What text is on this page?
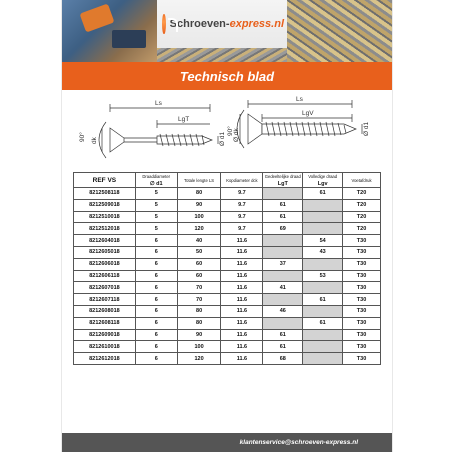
Schroeven-express.nl
Technisch blad
Ls
LgT
90° dk	Ø d1
Ls
LgV
90° Ø dk	Ø d1
REF VS	Draaddiameter
∅ d1	Totale lengte LS	Kopdiameter dck	Gedeeltelijke draad
LgT	Volledige draad
Lgv	Voetafdruk
8212508118	5	80	9.7		61	T20
8212509018	5	90	9.7	61		T20
8212510018	5	100	9.7	61		T20
8212512018	5	120	9.7	69		T20
8212604018	6	40	11.6		54	T30
8212605018	6	50	11.6		43	T30
8212606018	6	60	11.6	37		T30
8212606118	6	60	11.6		53	T30
8212607018	6	70	11.6	41		T30
8212607118	6	70	11.6		61	T30
8212608018	6	80	11.6	46		T30
8212608118	6	80	11.6		61	T30
8212609018	6	90	11.6	61		T30
8212610018	6	100	11.6	61		T30
8212612018	6	120	11.6	68		T30
klantenservice@schroeven-express.nl
